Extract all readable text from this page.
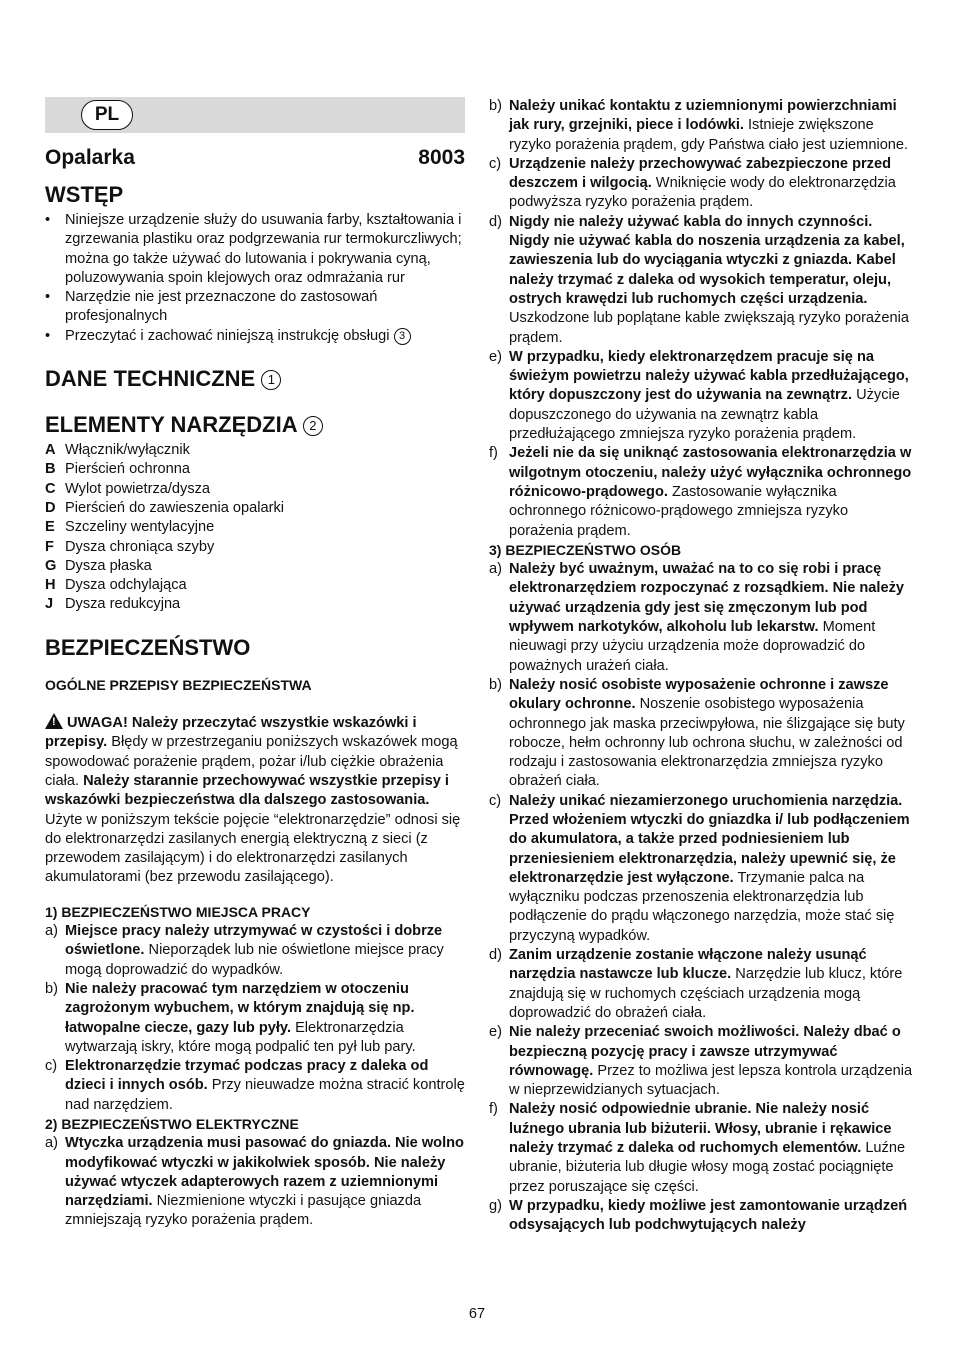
PL
Opalarka	8003
WSTĘP
• Niniejsze urządzenie służy do usuwania farby, kształtowania i zgrzewania plastiku oraz podgrzewania rur termokurczliwych; można go także używać do lutowania i pokrywania cyną, poluzowywania spoin klejowych oraz odmrażania rur
• Narzędzie nie jest przeznaczone do zastosowań profesjonalnych
• Przeczytać i zachować niniejszą instrukcję obsługi 3
DANE TECHNICZNE 1
ELEMENTY NARZĘDZIA 2
A Włącznik/wyłącznik
B Pierścień ochronna
C Wylot powietrza/dysza
D Pierścień do zawieszenia opalarki
E Szczeliny wentylacyjne
F Dysza chroniąca szyby
G Dysza płaska
H Dysza odchylająca
J Dysza redukcyjna
BEZPIECZEŃSTWO
OGÓLNE PRZEPISY BEZPIECZEŃSTWA
!UWAGA! Należy przeczytać wszystkie wskazówki i przepisy. Błędy w przestrzeganiu poniższych wskazówek mogą spowodować porażenie prądem, pożar i/lub ciężkie obrażenia ciała. Należy starannie przechowywać wszystkie przepisy i wskazówki bezpieczeństwa dla dalszego zastosowania. Użyte w poniższym tekście pojęcie “elektronarzędzie” odnosi się do elektronarzędzi zasilanych energią elektryczną z sieci (z przewodem zasilającym) i do elektronarzędzi zasilanych akumulatorami (bez przewodu zasilającego).
1) BEZPIECZEŃSTWO MIEJSCA PRACY
a) Miejsce pracy należy utrzymywać w czystości i dobrze oświetlone. Nieporządek lub nie oświetlone miejsce pracy mogą doprowadzić do wypadków.
b) Nie należy pracować tym narzędziem w otoczeniu zagrożonym wybuchem, w którym znajdują się np. łatwopalne ciecze, gazy lub pyły. Elektronarzędzia wytwarzają iskry, które mogą podpalić ten pył lub pary.
c) Elektronarzędzie trzymać podczas pracy z daleka od dzieci i innych osób. Przy nieuwadze można stracić kontrolę nad narzędziem.
2) BEZPIECZEŃSTWO ELEKTRYCZNE
a) Wtyczka urządzenia musi pasować do gniazda. Nie wolno modyfikować wtyczki w jakikolwiek sposób. Nie należy używać wtyczek adapterowych razem z uziemnionymi narzędziami. Niezmienione wtyczki i pasujące gniazda zmniejszają ryzyko porażenia prądem.
b) Należy unikać kontaktu z uziemnionymi powierzchniami jak rury, grzejniki, piece i lodówki. Istnieje zwiększone ryzyko porażenia prądem, gdy Państwa ciało jest uziemnione.
c) Urządzenie należy przechowywać zabezpieczone przed deszczem i wilgocią. Wniknięcie wody do elektronarzędzia podwyższa ryzyko porażenia prądem.
d) Nigdy nie należy używać kabla do innych czynności. Nigdy nie używać kabla do noszenia urządzenia za kabel, zawieszenia lub do wyciągania wtyczki z gniazda. Kabel należy trzymać z daleka od wysokich temperatur, oleju, ostrych krawędzi lub ruchomych części urządzenia. Uszkodzone lub poplątane kable zwiększają ryzyko porażenia prądem.
e) W przypadku, kiedy elektronarzędzem pracuje się na świeżym powietrzu należy używać kabla przedłużającego, który dopuszczony jest do używania na zewnątrz. Użycie dopuszczonego do używania na zewnątrz kabla przedłużającego zmniejsza ryzyko porażenia prądem.
f) Jeżeli nie da się uniknąć zastosowania elektronarzędzia w wilgotnym otoczeniu, należy użyć wyłącznika ochronnego różnicowo-prądowego. Zastosowanie wyłącznika ochronnego różnicowo-prądowego zmniejsza ryzyko porażenia prądem.
3) BEZPIECZEŃSTWO OSÓB
a) Należy być uważnym, uważać na to co się robi i pracę elektronarzędziem rozpoczynać z rozsądkiem. Nie należy używać urządzenia gdy jest się zmęczonym lub pod wpływem narkotyków, alkoholu lub lekarstw. Moment nieuwagi przy użyciu urządzenia może doprowadzić do poważnych urażeń ciała.
b) Należy nosić osobiste wyposażenie ochronne i zawsze okulary ochronne. Noszenie osobistego wyposażenia ochronnego jak maska przeciwpyłowa, nie ślizgające się buty robocze, hełm ochronny lub ochrona słuchu, w zależności od rodzaju i zastosowania elektronarzędzia zmniejsza ryzyko obrażeń ciała.
c) Należy unikać niezamierzonego uruchomienia narzędzia. Przed włożeniem wtyczki do gniazdka i/ lub podłączeniem do akumulatora, a także przed podniesieniem lub przeniesieniem elektronarzędzia, należy upewnić się, że elektronarzędzie jest wyłączone. Trzymanie palca na wyłączniku podczas przenoszenia elektronarzędzia lub podłączenie do prądu włączonego narzędzia, może stać się przyczyną wypadków.
d) Zanim urządzenie zostanie włączone należy usunąć narzędzia nastawcze lub klucze. Narzędzie lub klucz, które znajdują się w ruchomych częściach urządzenia mogą doprowadzić do obrażeń ciała.
e) Nie należy przeceniać swoich możliwości. Należy dbać o bezpieczną pozycję pracy i zawsze utrzymywać równowagę. Przez to możliwa jest lepsza kontrola urządzenia w nieprzewidzianych sytuacjach.
f) Należy nosić odpowiednie ubranie. Nie należy nosić luźnego ubrania lub biżuterii. Włosy, ubranie i rękawice należy trzymać z daleka od ruchomych elementów. Luźne ubranie, biżuteria lub długie włosy mogą zostać pociągnięte przez poruszające się części.
g) W przypadku, kiedy możliwe jest zamontowanie urządzeń odsysających lub podchwytujących należy
67
